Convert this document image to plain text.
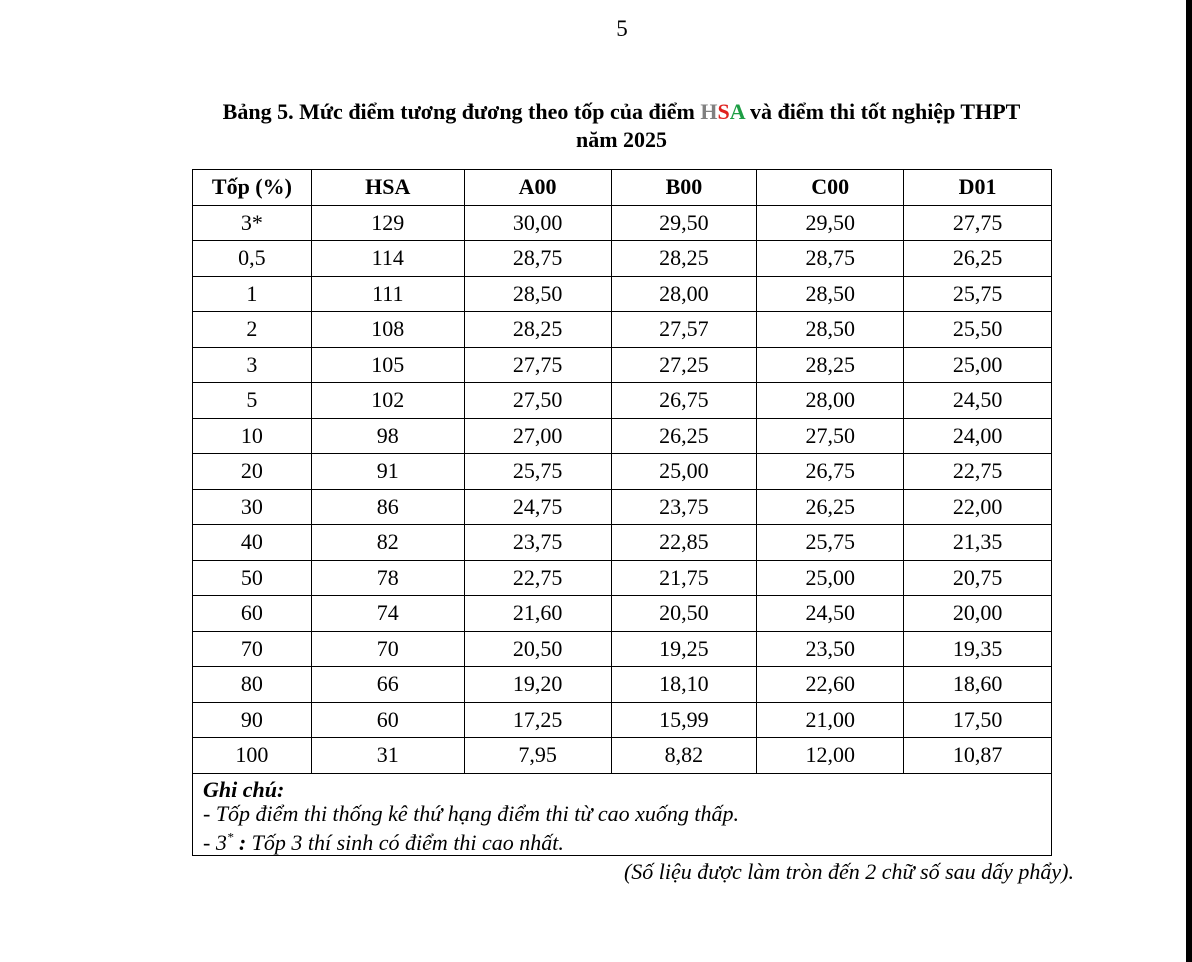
5
Bảng 5. Mức điểm tương đương theo tốp của điểm HSA và điểm thi tốt nghiệp THPT
năm 2025
Tốp (%)	HSA	A00	B00	C00	D01
3*	129	30,00	29,50	29,50	27,75
0,5	114	28,75	28,25	28,75	26,25
1	111	28,50	28,00	28,50	25,75
2	108	28,25	27,57	28,50	25,50
3	105	27,75	27,25	28,25	25,00
5	102	27,50	26,75	28,00	24,50
10	98	27,00	26,25	27,50	24,00
20	91	25,75	25,00	26,75	22,75
30	86	24,75	23,75	26,25	22,00
40	82	23,75	22,85	25,75	21,35
50	78	22,75	21,75	25,00	20,75
60	74	21,60	20,50	24,50	20,00
70	70	20,50	19,25	23,50	19,35
80	66	19,20	18,10	22,60	18,60
90	60	17,25	15,99	21,00	17,50
100	31	7,95	8,82	12,00	10,87
Ghi chú:
- Tốp điểm thi thống kê thứ hạng điểm thi từ cao xuống thấp.
- 3* : Tốp 3 thí sinh có điểm thi cao nhất.					
(Số liệu được làm tròn đến 2 chữ số sau dấy phẩy).
